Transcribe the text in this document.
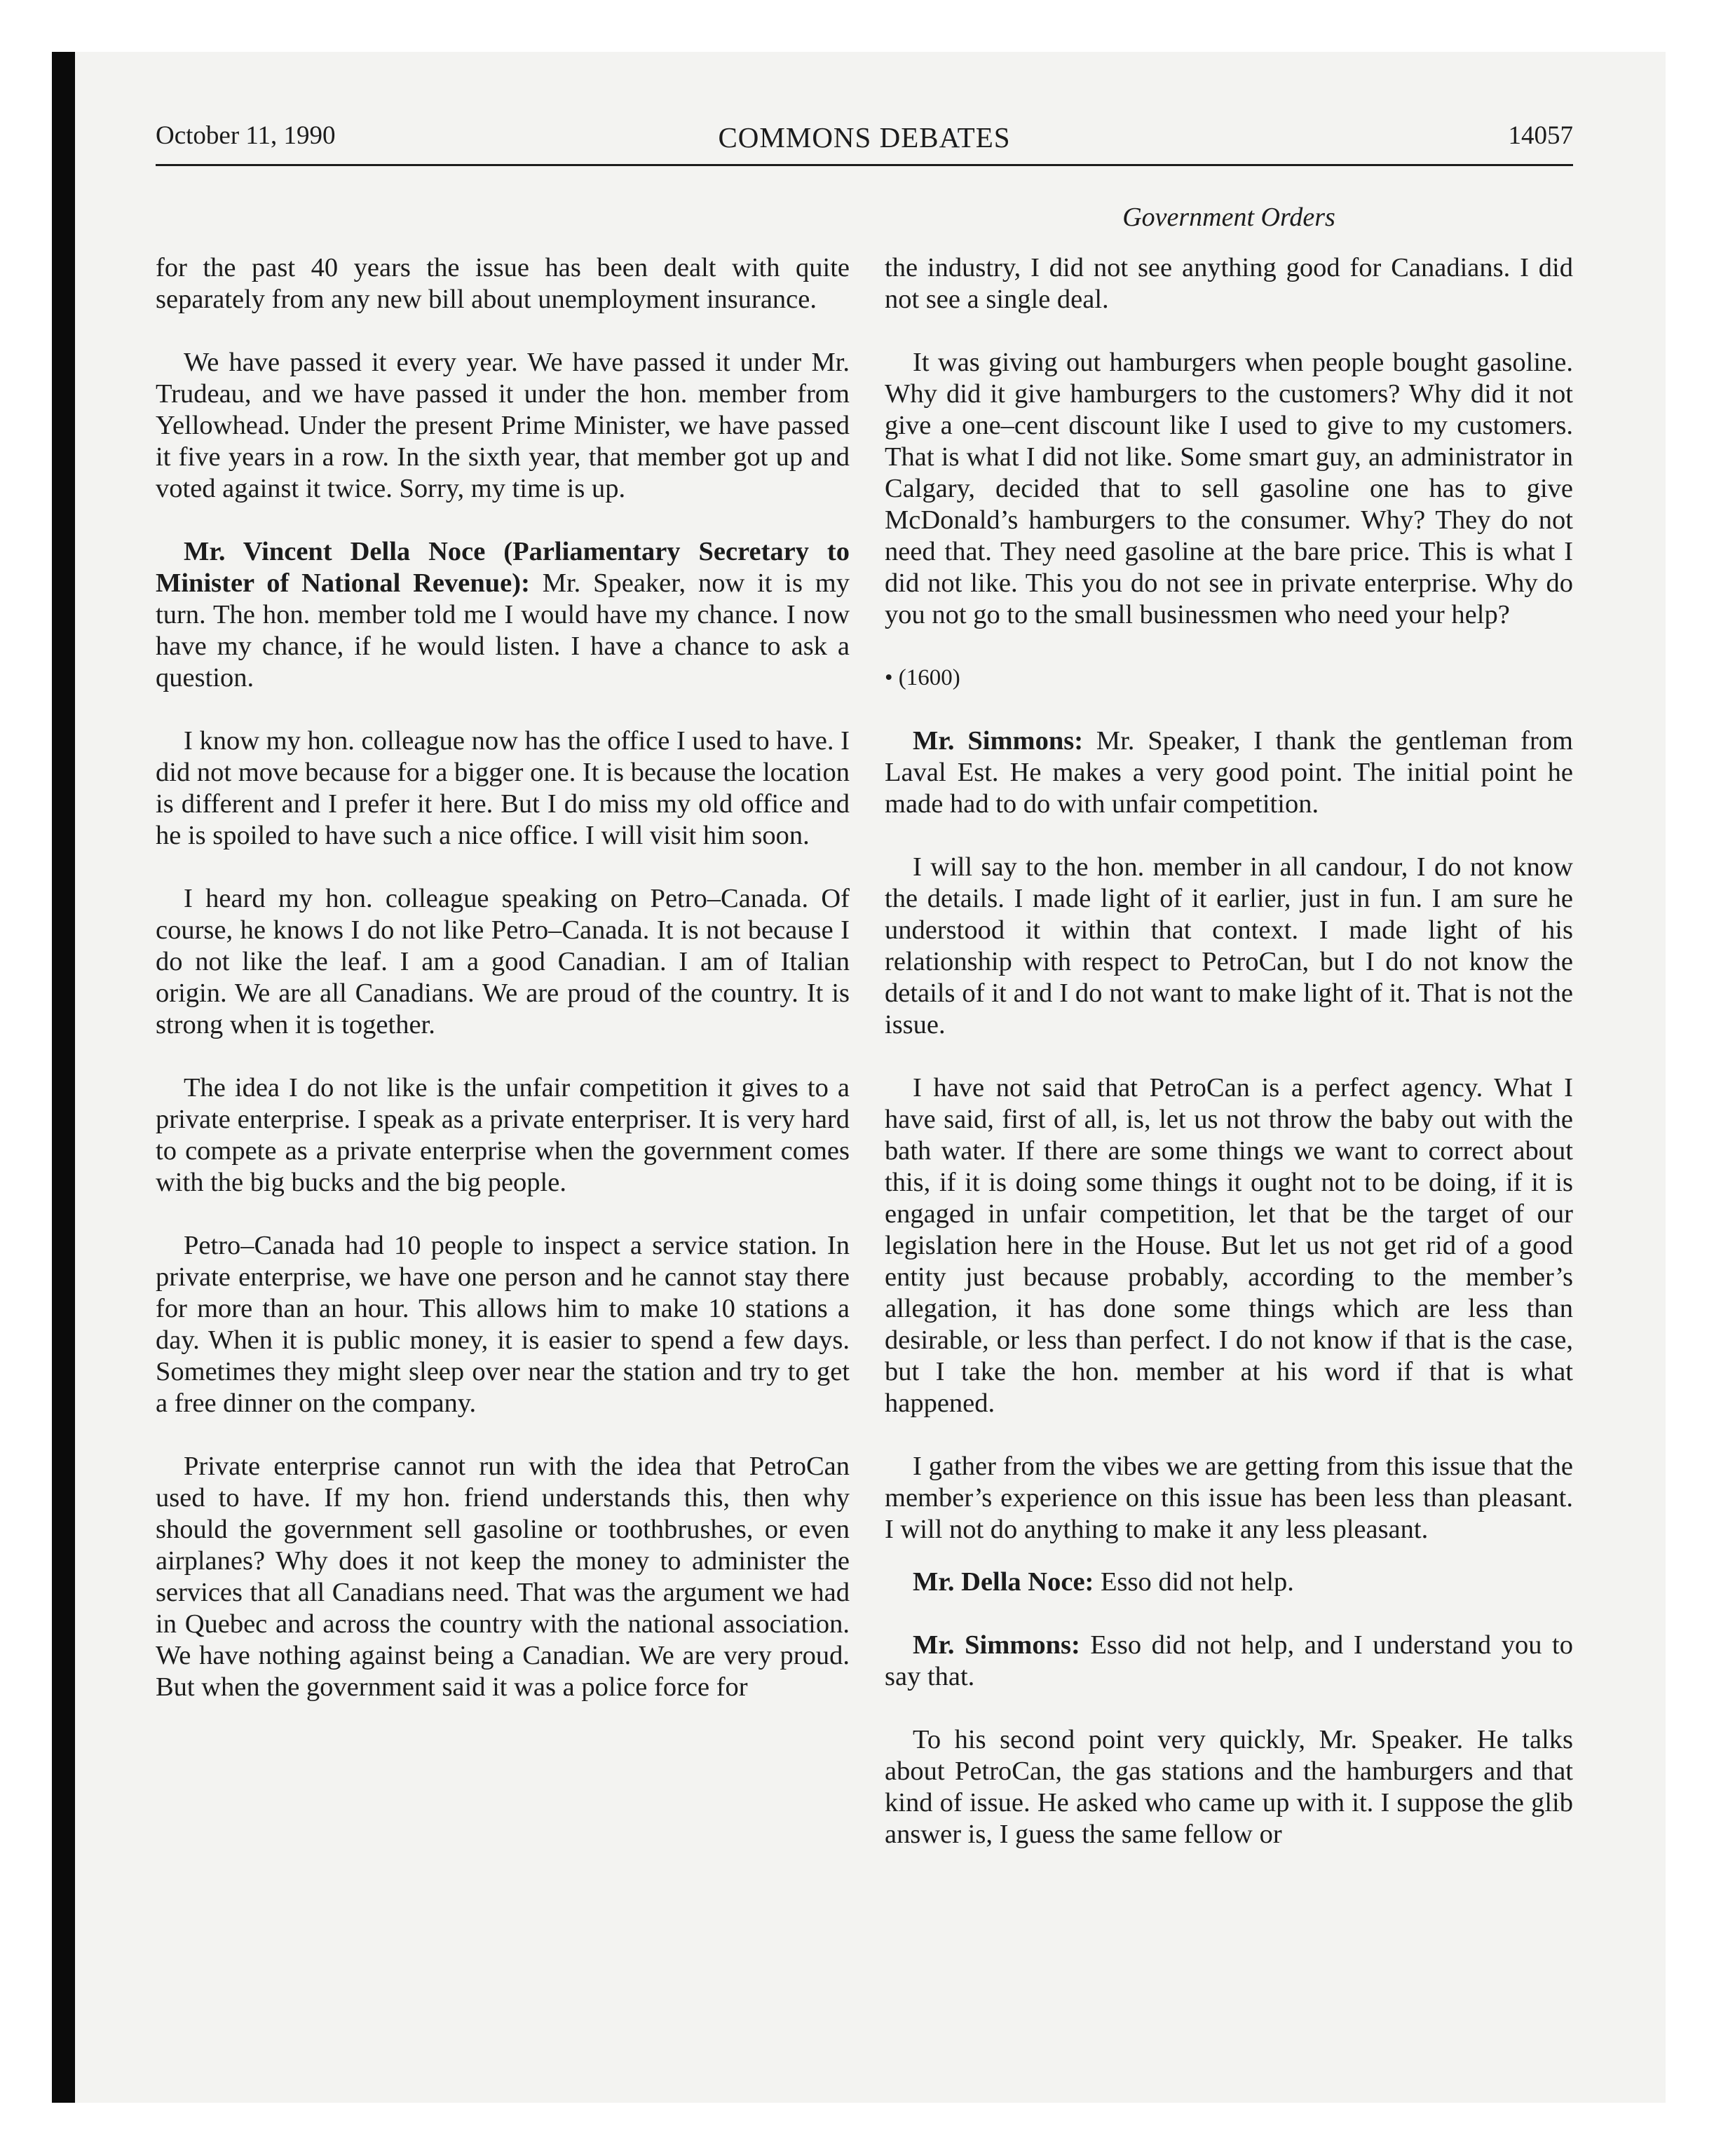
October 11, 1990	COMMONS DEBATES	14057
Government Orders

for the past 40 years the issue has been dealt with quite separately from any new bill about unemployment insurance.

We have passed it every year. We have passed it under Mr. Trudeau, and we have passed it under the hon. member from Yellowhead. Under the present Prime Minister, we have passed it five years in a row. In the sixth year, that member got up and voted against it twice. Sorry, my time is up.

Mr. Vincent Della Noce (Parliamentary Secretary to Minister of National Revenue): Mr. Speaker, now it is my turn. The hon. member told me I would have my chance. I now have my chance, if he would listen. I have a chance to ask a question.

I know my hon. colleague now has the office I used to have. I did not move because for a bigger one. It is because the location is different and I prefer it here. But I do miss my old office and he is spoiled to have such a nice office. I will visit him soon.

I heard my hon. colleague speaking on Petro–Canada. Of course, he knows I do not like Petro–Canada. It is not because I do not like the leaf. I am a good Canadian. I am of Italian origin. We are all Canadians. We are proud of the country. It is strong when it is together.

The idea I do not like is the unfair competition it gives to a private enterprise. I speak as a private enterpriser. It is very hard to compete as a private enterprise when the government comes with the big bucks and the big people.

Petro–Canada had 10 people to inspect a service station. In private enterprise, we have one person and he cannot stay there for more than an hour. This allows him to make 10 stations a day. When it is public money, it is easier to spend a few days. Sometimes they might sleep over near the station and try to get a free dinner on the company.

Private enterprise cannot run with the idea that PetroCan used to have. If my hon. friend understands this, then why should the government sell gasoline or toothbrushes, or even airplanes? Why does it not keep the money to administer the services that all Canadians need. That was the argument we had in Quebec and across the country with the national association. We have nothing against being a Canadian. We are very proud. But when the government said it was a police force for

the industry, I did not see anything good for Canadians. I did not see a single deal.

It was giving out hamburgers when people bought gasoline. Why did it give hamburgers to the customers? Why did it not give a one–cent discount like I used to give to my customers. That is what I did not like. Some smart guy, an administrator in Calgary, decided that to sell gasoline one has to give McDonald’s hamburgers to the consumer. Why? They do not need that. They need gasoline at the bare price. This is what I did not like. This you do not see in private enterprise. Why do you not go to the small businessmen who need your help?

• (1600)

Mr. Simmons: Mr. Speaker, I thank the gentleman from Laval Est. He makes a very good point. The initial point he made had to do with unfair competition.

I will say to the hon. member in all candour, I do not know the details. I made light of it earlier, just in fun. I am sure he understood it within that context. I made light of his relationship with respect to PetroCan, but I do not know the details of it and I do not want to make light of it. That is not the issue.

I have not said that PetroCan is a perfect agency. What I have said, first of all, is, let us not throw the baby out with the bath water. If there are some things we want to correct about this, if it is doing some things it ought not to be doing, if it is engaged in unfair competition, let that be the target of our legislation here in the House. But let us not get rid of a good entity just because probably, according to the member’s allegation, it has done some things which are less than desirable, or less than perfect. I do not know if that is the case, but I take the hon. member at his word if that is what happened.

I gather from the vibes we are getting from this issue that the member’s experience on this issue has been less than pleasant. I will not do anything to make it any less pleasant.

Mr. Della Noce: Esso did not help.

Mr. Simmons: Esso did not help, and I understand you to say that.

To his second point very quickly, Mr. Speaker. He talks about PetroCan, the gas stations and the hamburgers and that kind of issue. He asked who came up with it. I suppose the glib answer is, I guess the same fellow or
